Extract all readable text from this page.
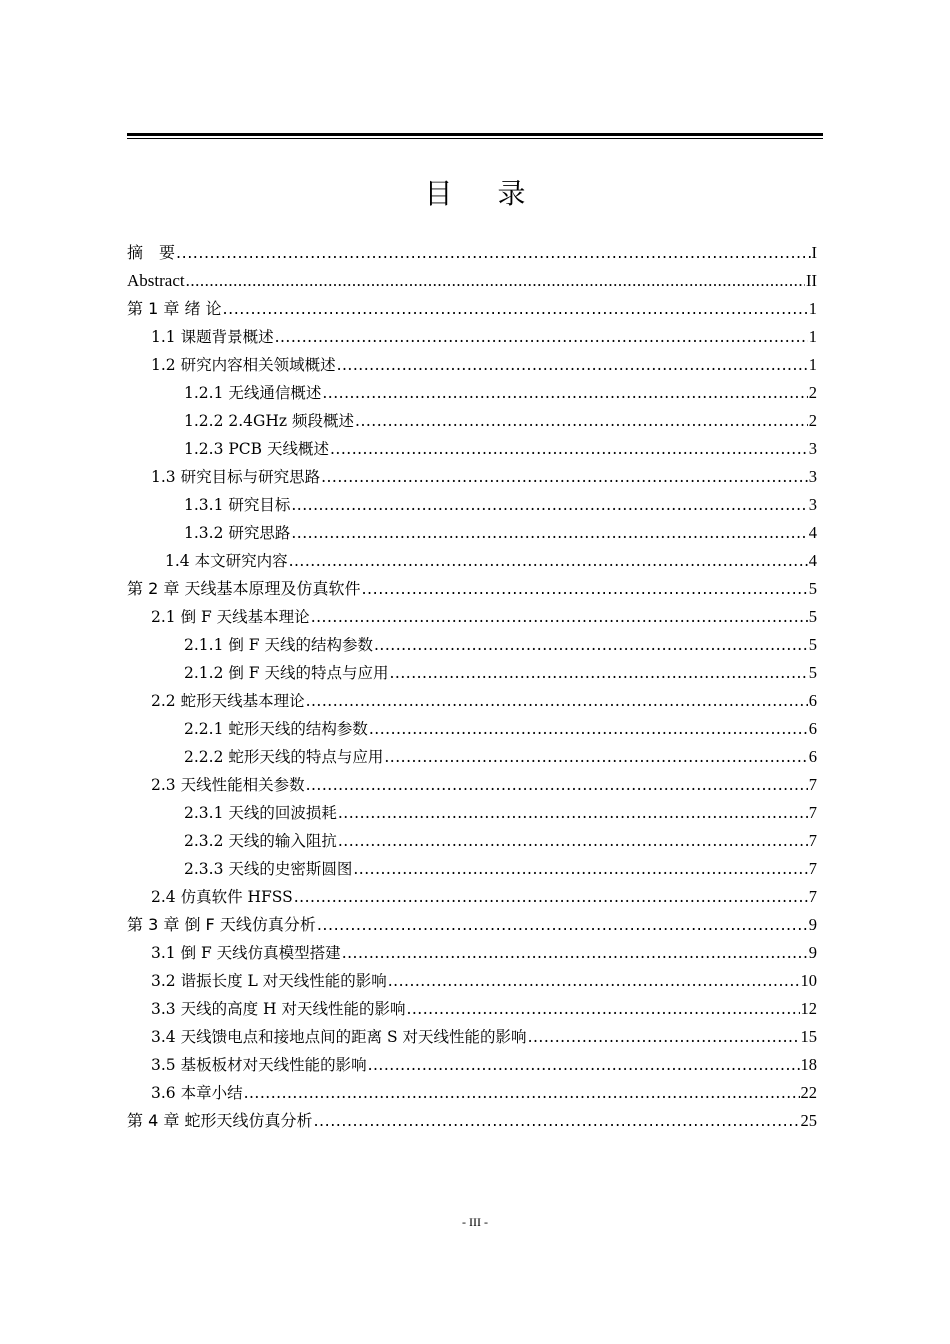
目 录
摘　要 .....	I
Abstract .....	II
第 1 章 绪 论 .....	1
1.1 课题背景概述 .....	1
1.2 研究内容相关领域概述 .....	1
1.2.1 无线通信概述 .....	2
1.2.2 2.4GHz 频段概述 .....	2
1.2.3 PCB 天线概述 .....	3
1.3 研究目标与研究思路 .....	3
1.3.1 研究目标 .....	3
1.3.2 研究思路 .....	4
1.4 本文研究内容 .....	4
第 2 章 天线基本原理及仿真软件 .....	5
2.1 倒 F 天线基本理论 .....	5
2.1.1 倒 F 天线的结构参数 .....	5
2.1.2 倒 F 天线的特点与应用 .....	5
2.2 蛇形天线基本理论 .....	6
2.2.1 蛇形天线的结构参数 .....	6
2.2.2 蛇形天线的特点与应用 .....	6
2.3 天线性能相关参数 .....	7
2.3.1 天线的回波损耗 .....	7
2.3.2 天线的输入阻抗 .....	7
2.3.3 天线的史密斯圆图 .....	7
2.4 仿真软件 HFSS .....	7
第 3 章 倒 F 天线仿真分析 .....	9
3.1 倒 F 天线仿真模型搭建 .....	9
3.2 谐振长度 L 对天线性能的影响 .....	10
3.3 天线的高度 H 对天线性能的影响 .....	12
3.4 天线馈电点和接地点间的距离 S 对天线性能的影响 .....	15
3.5 基板板材对天线性能的影响 .....	18
3.6 本章小结 .....	22
第 4 章 蛇形天线仿真分析 .....	25
- III -
